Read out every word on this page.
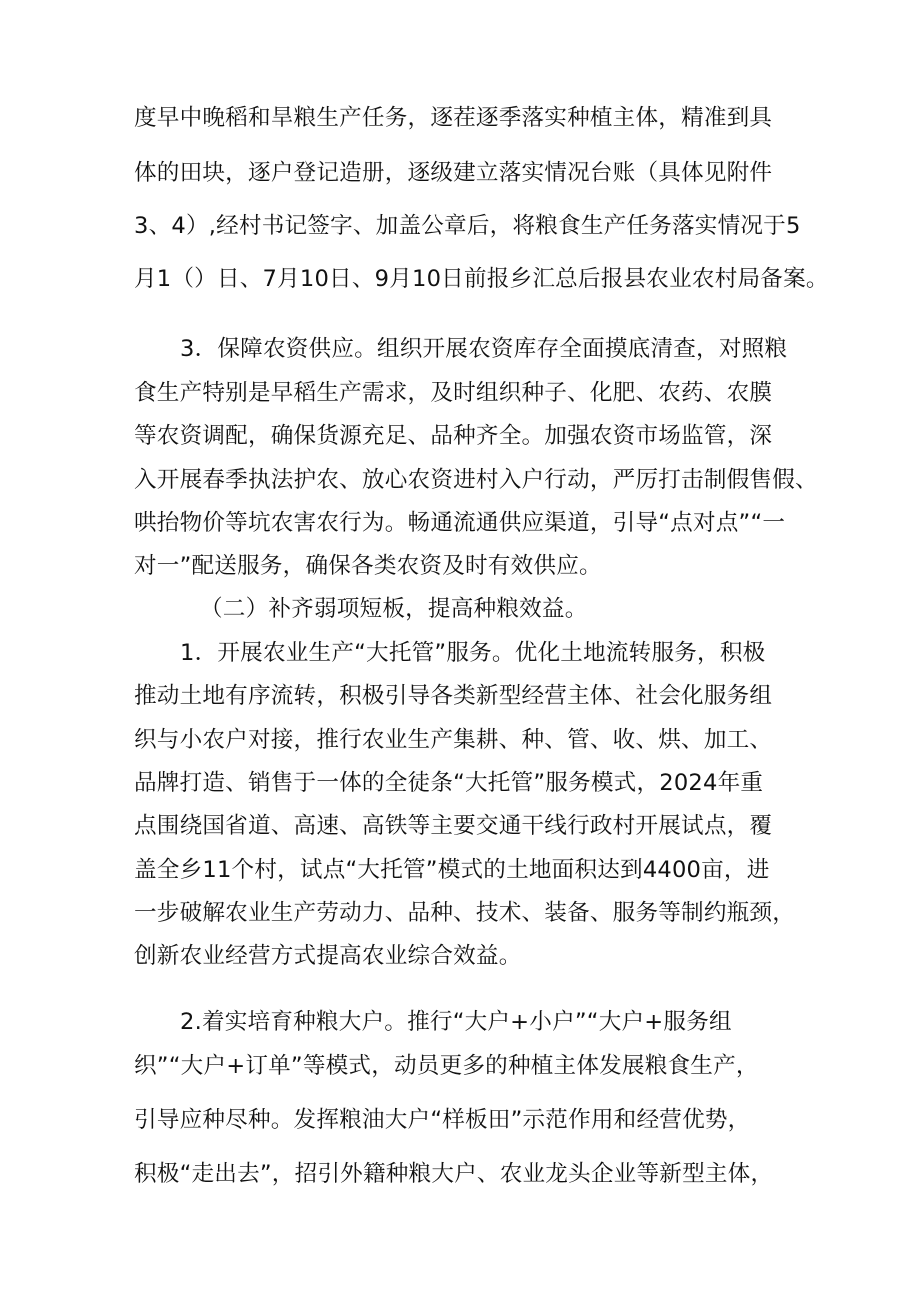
度早中晚稻和旱粮生产任务，逐茬逐季落实种植主体，精准到具
体的田块，逐户登记造册，逐级建立落实情况台账（具体见附件
3、4）,经村书记签字、加盖公章后，将粮食生产任务落实情况于5
月1（）日、7月10日、9月10日前报乡汇总后报县农业农村局备案。
3．保障农资供应。组织开展农资库存全面摸底清查，对照粮
食生产特别是早稻生产需求，及时组织种子、化肥、农药、农膜
等农资调配，确保货源充足、品种齐全。加强农资市场监管，深
入开展春季执法护农、放心农资进村入户行动，严厉打击制假售假、
哄抬物价等坑农害农行为。畅通流通供应渠道，引导“点对点”“一
对一”配送服务，确保各类农资及时有效供应。
（二）补齐弱项短板，提高种粮效益。
1．开展农业生产“大托管”服务。优化土地流转服务，积极
推动土地有序流转，积极引导各类新型经营主体、社会化服务组
织与小农户对接，推行农业生产集耕、种、管、收、烘、加工、
品牌打造、销售于一体的全徒条“大托管”服务模式，2024年重
点围绕国省道、高速、高铁等主要交通干线行政村开展试点，覆
盖全乡11个村，试点“大托管”模式的土地面积达到4400亩，进
一步破解农业生产劳动力、品种、技术、装备、服务等制约瓶颈，
创新农业经营方式提高农业综合效益。
2.着实培育种粮大户。推行“大户+小户”“大户+服务组
织”“大户+订单”等模式，动员更多的种植主体发展粮食生产，
引导应种尽种。发挥粮油大户“样板田”示范作用和经营优势，
积极“走出去”，招引外籍种粮大户、农业龙头企业等新型主体，
